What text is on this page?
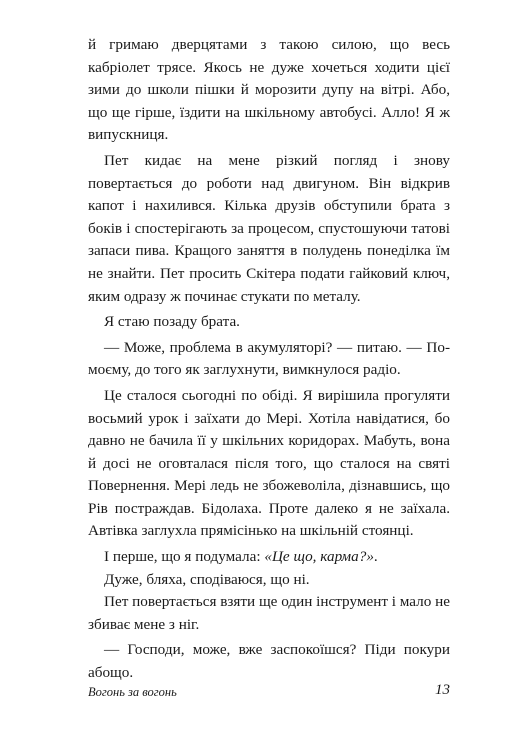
й гримаю дверцятами з такою силою, що весь кабріолет трясе. Якось не дуже хочеться ходити цієї зими до школи пішки й морозити дупу на вітрі. Або, що ще гірше, їздити на шкільному автобусі. Алло! Я ж випускниця.

Пет кидає на мене різкий погляд і знову повертається до роботи над двигуном. Він відкрив капот і нахилився. Кілька друзів обступили брата з боків і спостерігають за процесом, спустошуючи татові запаси пива. Кращого заняття в полудень понеділка їм не знайти. Пет просить Скітера подати гайковий ключ, яким одразу ж починає стукати по металу.

Я стаю позаду брата.

— Може, проблема в акумуляторі? — питаю. — По-моєму, до того як заглухнути, вимкнулося радіо.

Це сталося сьогодні по обіді. Я вирішила прогуляти восьмий урок і заїхати до Мері. Хотіла навідатися, бо давно не бачила її у шкільних коридорах. Мабуть, вона й досі не оговталася після того, що сталося на святі Повернення. Мері ледь не збожеволіла, дізнавшись, що Рів постраждав. Бідолаха. Проте далеко я не заїхала. Автівка заглухла прямісінько на шкільній стоянці.

І перше, що я подумала: «Це що, карма?».

Дуже, бляха, сподіваюся, що ні.

Пет повертається взяти ще один інструмент і мало не збиває мене з ніг.

— Господи, може, вже заспокоїшся? Піди покури абощо.

Вогонь за вогонь	13
